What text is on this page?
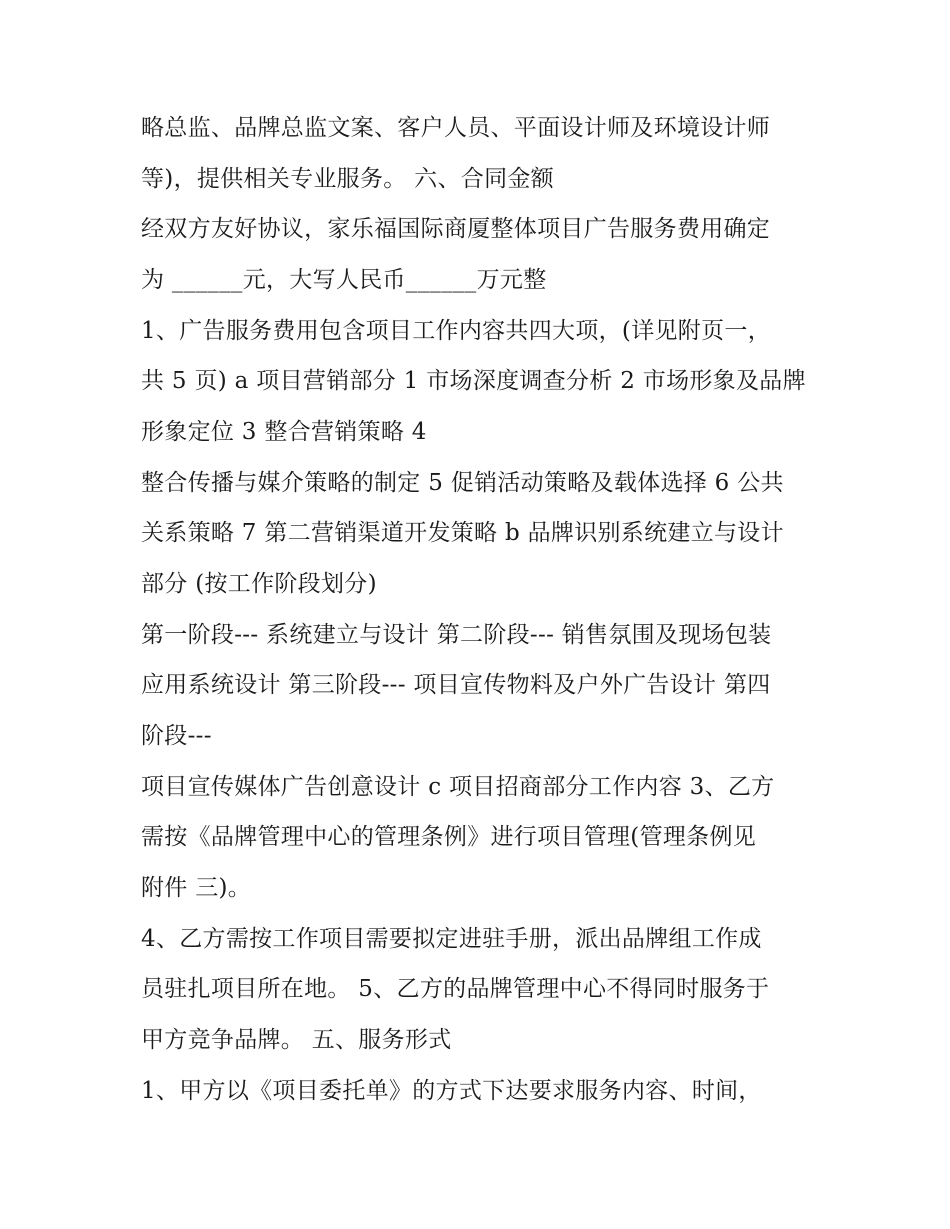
略总监、品牌总监文案、客户人员、平面设计师及环境设计师
等)，提供相关专业服务。 六、合同金额
经双方友好协议，家乐福国际商厦整体项目广告服务费用确定
为 ______元，大写人民币______万元整
1、广告服务费用包含项目工作内容共四大项，(详见附页一，
共 5 页) a 项目营销部分 1 市场深度调查分析 2 市场形象及品牌
形象定位 3 整合营销策略 4
整合传播与媒介策略的制定 5 促销活动策略及载体选择 6 公共
关系策略 7 第二营销渠道开发策略 b 品牌识别系统建立与设计
部分 (按工作阶段划分)
第一阶段--- 系统建立与设计 第二阶段--- 销售氛围及现场包装
应用系统设计 第三阶段--- 项目宣传物料及户外广告设计 第四
阶段---
项目宣传媒体广告创意设计 c 项目招商部分工作内容 3、乙方
需按《品牌管理中心的管理条例》进行项目管理(管理条例见
附件 三)。
4、乙方需按工作项目需要拟定进驻手册，派出品牌组工作成
员驻扎项目所在地。 5、乙方的品牌管理中心不得同时服务于
甲方竞争品牌。 五、服务形式
1、甲方以《项目委托单》的方式下达要求服务内容、时间，
